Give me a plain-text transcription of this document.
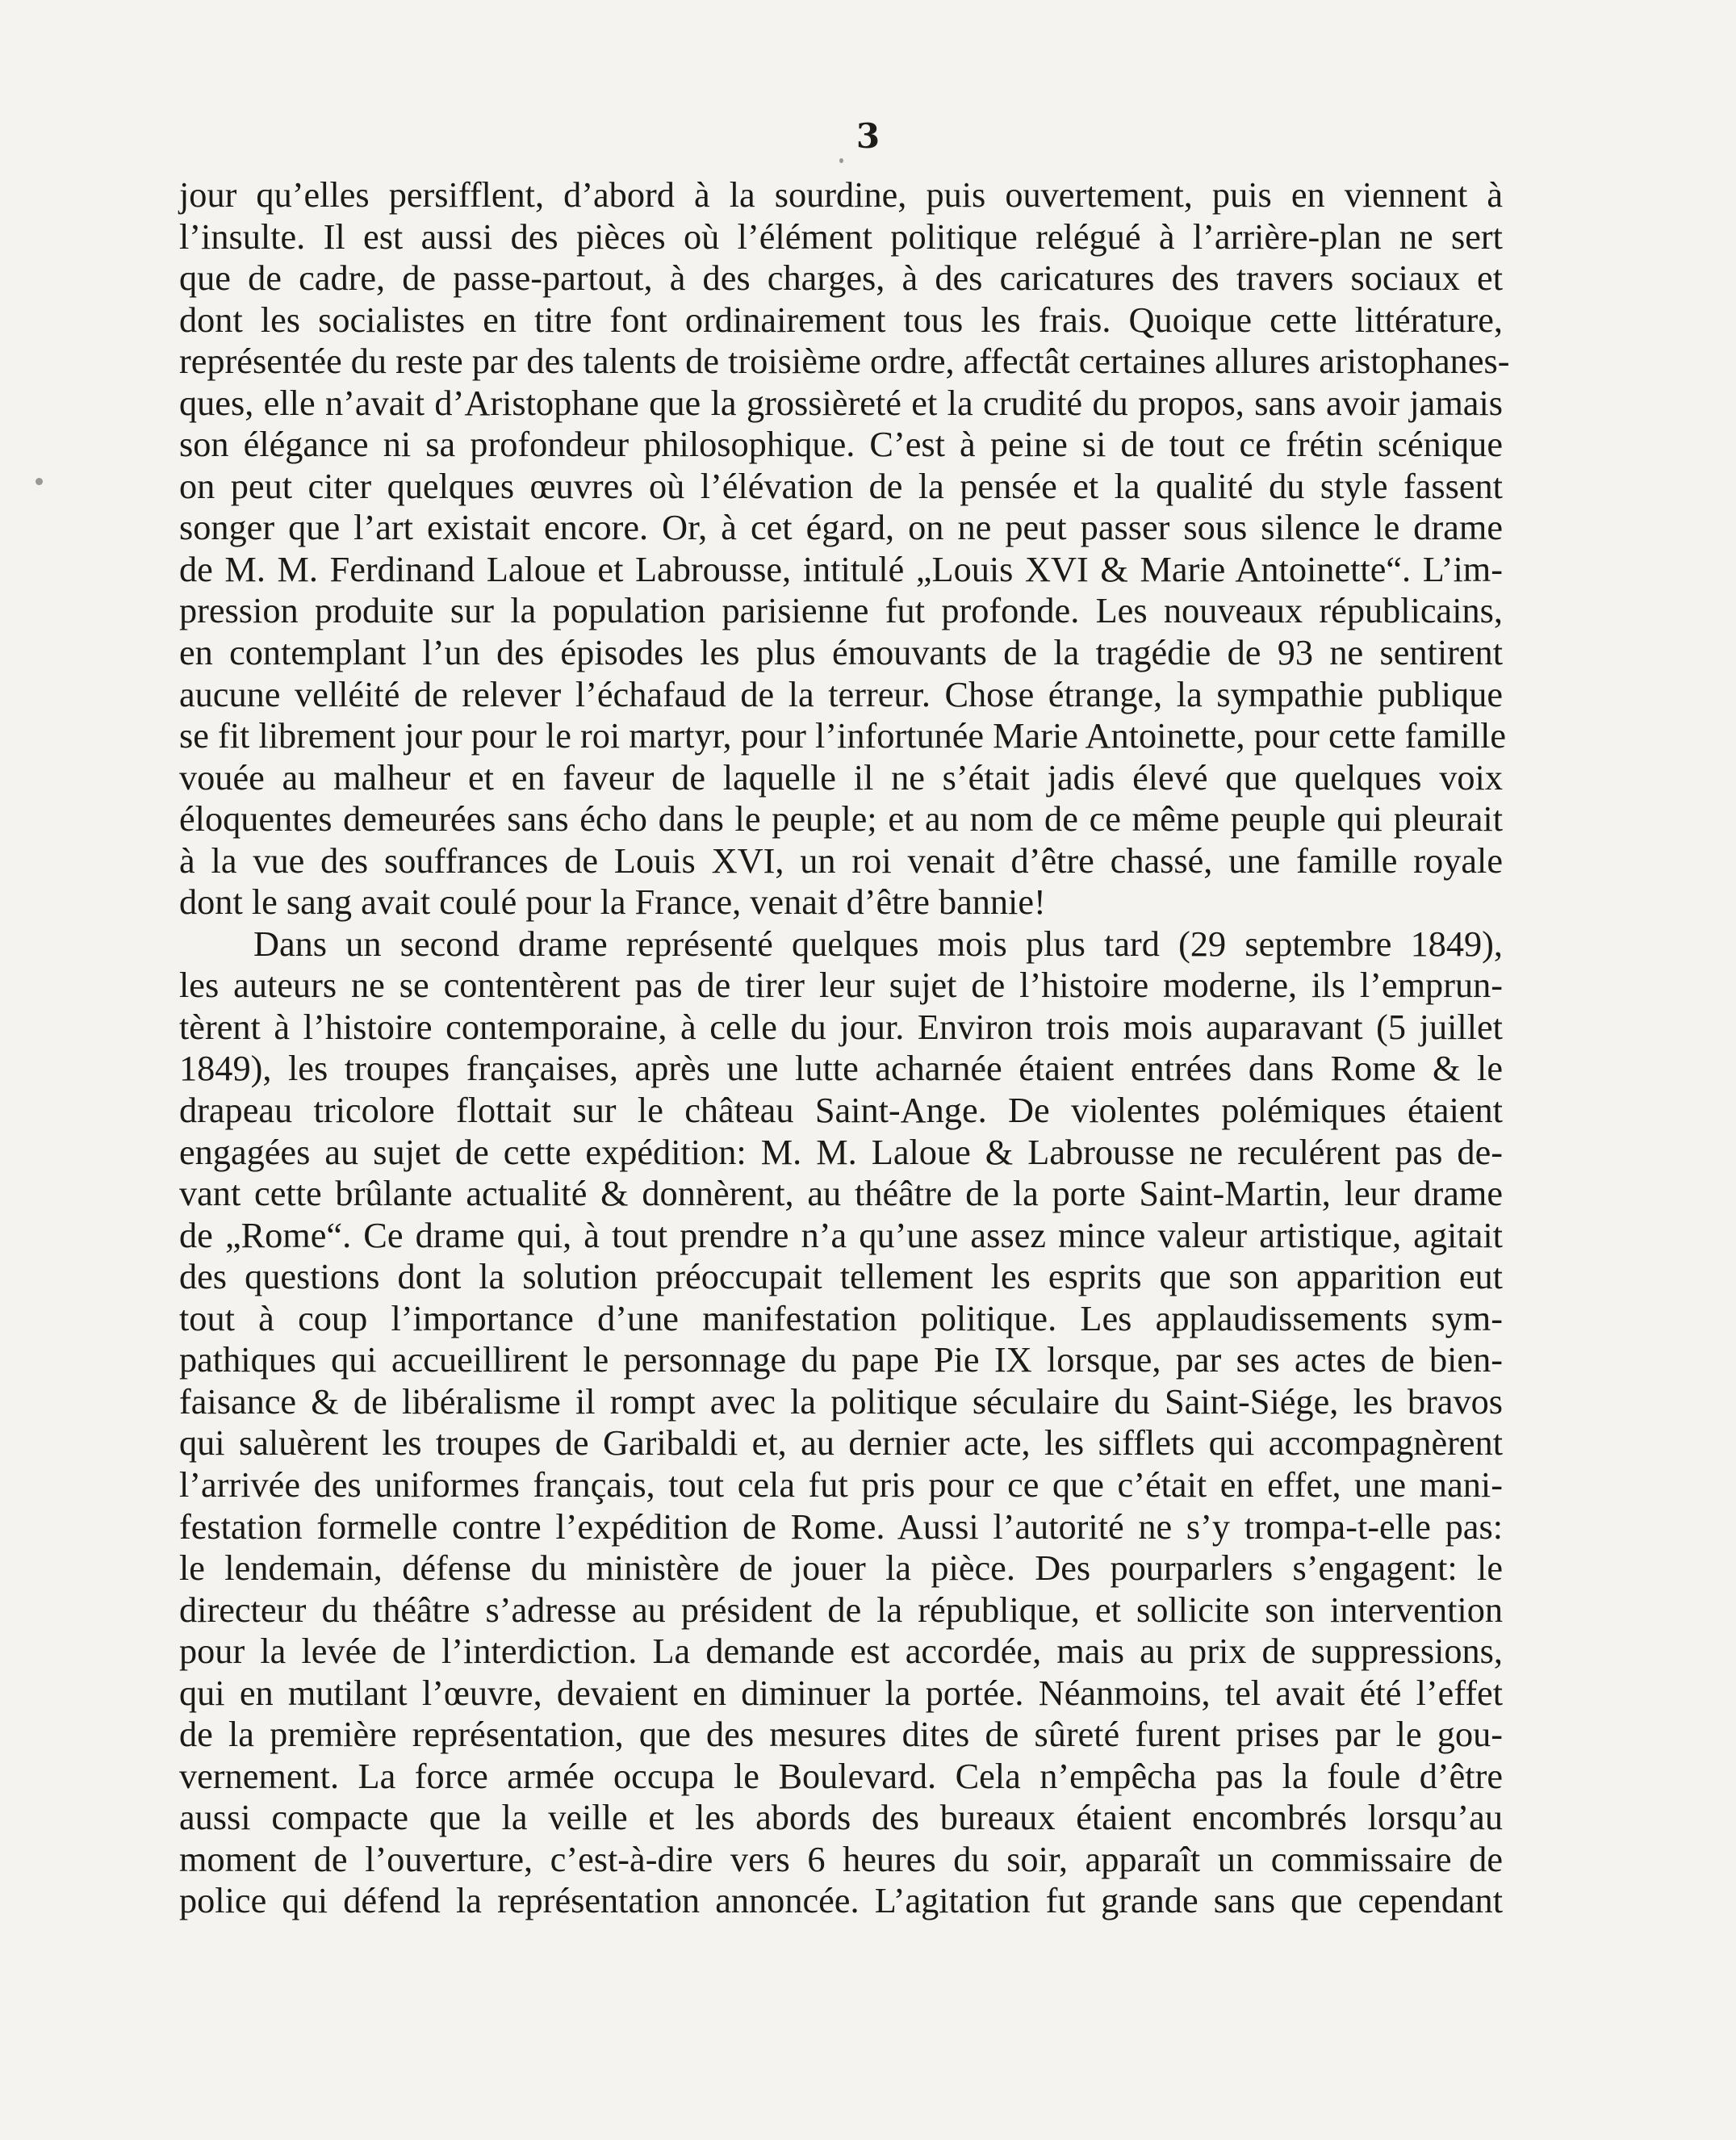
3
jour qu’elles persifflent, d’abord à la sourdine, puis ouvertement, puis en viennent à
l’insulte. Il est aussi des pièces où l’élément politique relégué à l’arrière-plan ne sert
que de cadre, de passe-partout, à des charges, à des caricatures des travers sociaux et
dont les socialistes en titre font ordinairement tous les frais. Quoique cette littérature,
représentée du reste par des talents de troisième ordre, affectât certaines allures aristophanes-
ques, elle n’avait d’Aristophane que la grossièreté et la crudité du propos, sans avoir jamais
son élégance ni sa profondeur philosophique. C’est à peine si de tout ce frétin scénique
on peut citer quelques œuvres où l’élévation de la pensée et la qualité du style fassent
songer que l’art existait encore. Or, à cet égard, on ne peut passer sous silence le drame
de M. M. Ferdinand Laloue et Labrousse, intitulé „Louis XVI & Marie Antoinette“. L’im-
pression produite sur la population parisienne fut profonde. Les nouveaux républicains,
en contemplant l’un des épisodes les plus émouvants de la tragédie de 93 ne sentirent
aucune velléité de relever l’échafaud de la terreur. Chose étrange, la sympathie publique
se fit librement jour pour le roi martyr, pour l’infortunée Marie Antoinette, pour cette famille
vouée au malheur et en faveur de laquelle il ne s’était jadis élevé que quelques voix
éloquentes demeurées sans écho dans le peuple; et au nom de ce même peuple qui pleurait
à la vue des souffrances de Louis XVI, un roi venait d’être chassé, une famille royale
dont le sang avait coulé pour la France, venait d’être bannie!
Dans un second drame représenté quelques mois plus tard (29 septembre 1849),
les auteurs ne se contentèrent pas de tirer leur sujet de l’histoire moderne, ils l’emprun-
tèrent à l’histoire contemporaine, à celle du jour. Environ trois mois auparavant (5 juillet
1849), les troupes françaises, après une lutte acharnée étaient entrées dans Rome & le
drapeau tricolore flottait sur le château Saint-Ange. De violentes polémiques étaient
engagées au sujet de cette expédition: M. M. Laloue & Labrousse ne reculérent pas de-
vant cette brûlante actualité & donnèrent, au théâtre de la porte Saint-Martin, leur drame
de „Rome“. Ce drame qui, à tout prendre n’a qu’une assez mince valeur artistique, agitait
des questions dont la solution préoccupait tellement les esprits que son apparition eut
tout à coup l’importance d’une manifestation politique. Les applaudissements sym-
pathiques qui accueillirent le personnage du pape Pie IX lorsque, par ses actes de bien-
faisance & de libéralisme il rompt avec la politique séculaire du Saint-Siége, les bravos
qui saluèrent les troupes de Garibaldi et, au dernier acte, les sifflets qui accompagnèrent
l’arrivée des uniformes français, tout cela fut pris pour ce que c’était en effet, une mani-
festation formelle contre l’expédition de Rome. Aussi l’autorité ne s’y trompa-t-elle pas:
le lendemain, défense du ministère de jouer la pièce. Des pourparlers s’engagent: le
directeur du théâtre s’adresse au président de la république, et sollicite son intervention
pour la levée de l’interdiction. La demande est accordée, mais au prix de suppressions,
qui en mutilant l’œuvre, devaient en diminuer la portée. Néanmoins, tel avait été l’effet
de la première représentation, que des mesures dites de sûreté furent prises par le gou-
vernement. La force armée occupa le Boulevard. Cela n’empêcha pas la foule d’être
aussi compacte que la veille et les abords des bureaux étaient encombrés lorsqu’au
moment de l’ouverture, c’est-à-dire vers 6 heures du soir, apparaît un commissaire de
police qui défend la représentation annoncée. L’agitation fut grande sans que cependant
